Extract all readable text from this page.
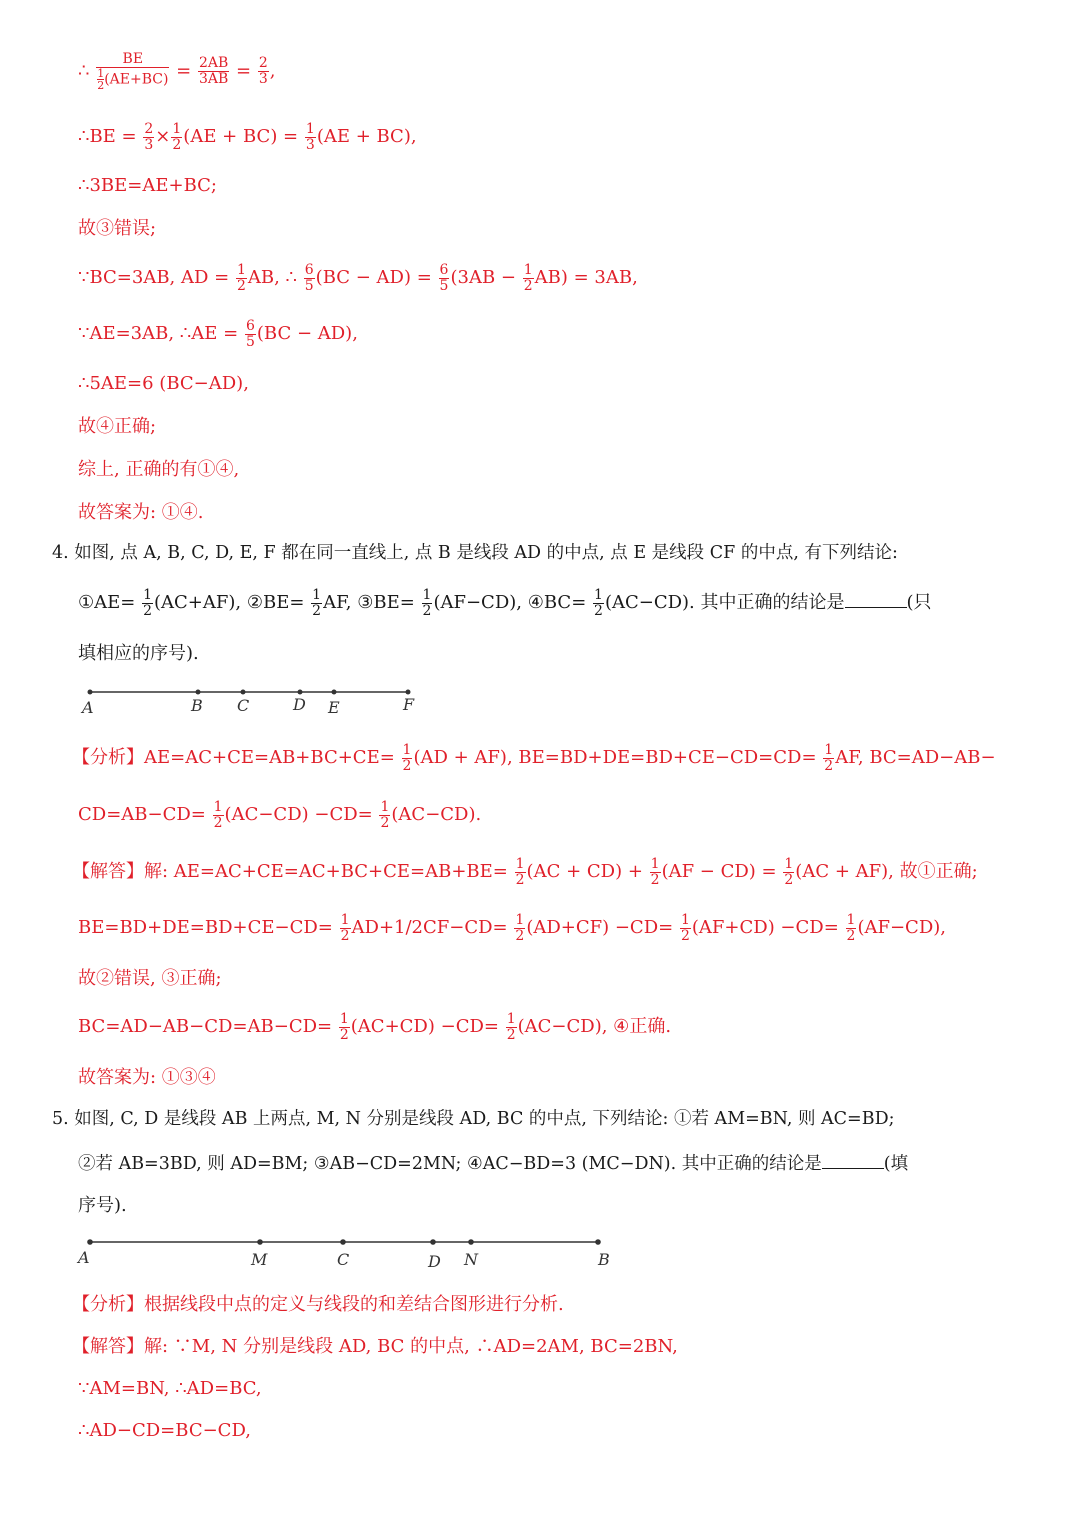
∴ $\frac{BE}{\frac{1}{2} (AE+BC)} = \frac{2AB}{3AB} = \frac{2}{3}$ ,
∴BE = $\frac{2}{3} \times \frac{1}{2} (AE + BC) = \frac{1}{3} (AE + BC)$,
∴3BE=AE+BC;
故③错误;
∵BC=3AB, AD = $\frac{1}{2}$ AB, ∴ $\frac{6}{5} (BC - AD) = \frac{6}{5} (3AB - \frac{1}{2} AB) = 3AB$,
∵AE=3AB, ∴AE = $\frac{6}{5} (BC - AD)$,
∴5AE=6 (BC−AD),
故④正确;
综上, 正确的有①④,
故答案为: ①④.
4. 如图, 点 A, B, C, D, E, F 都在同一直线上, 点 B 是线段 AD 的中点, 点 E 是线段 CF 的中点, 有下列结论:
①AE= $\frac{1}{2} (AC+AF)$, ②BE= $\frac{1}{2}$ AF, ③BE= $\frac{1}{2} (AF-CD)$, ④BC= $\frac{1}{2} (AC-CD)$. 其中正确的结论是	(只
填相应的序号).
A	B C	D E	F
【分析】$AE=AC+CE=AB+BC+CE= \frac{1}{2} (AD + AF)$, $BE=BD+DE=BD+CE-CD=CD= \frac{1}{2}$ AF, BC=AD−AB−
$CD=AB-CD= \frac{1}{2} (AC-CD) -CD= \frac{1}{2} (AC-CD)$.
【解答】解: $AE=AC+CE=AC+BC+CE=AB+BE= \frac{1}{2} (AC + CD) + \frac{1}{2} (AF - CD) = \frac{1}{2} (AC + AF)$, 故①正确;
$BE=BD+DE=BD+CE-CD= \frac{1}{2} AD+1/2CF-CD= \frac{1}{2} (AD+CF) -CD= \frac{1}{2} (AF+CD) -CD= \frac{1}{2} (AF-CD)$,
故②错误, ③正确;
$BC=AD-AB-CD=AB-CD= \frac{1}{2} (AC+CD) -CD= \frac{1}{2} (AC-CD)$, ④正确.
故答案为: ①③④
5. 如图, C, D 是线段 AB 上两点, M, N 分别是线段 AD, BC 的中点, 下列结论: ①若 AM=BN, 则 AC=BD;
②若 AB=3BD, 则 AD=BM; ③AB−CD=2MN; ④AC−BD=3 (MC−DN). 其中正确的结论是	(填
序号).
A	M	C	D N	B
【分析】根据线段中点的定义与线段的和差结合图形进行分析.
【解答】解: ∵M, N 分别是线段 AD, BC 的中点, ∴AD=2AM, BC=2BN,
∵AM=BN, ∴AD=BC,
∴AD−CD=BC−CD,
